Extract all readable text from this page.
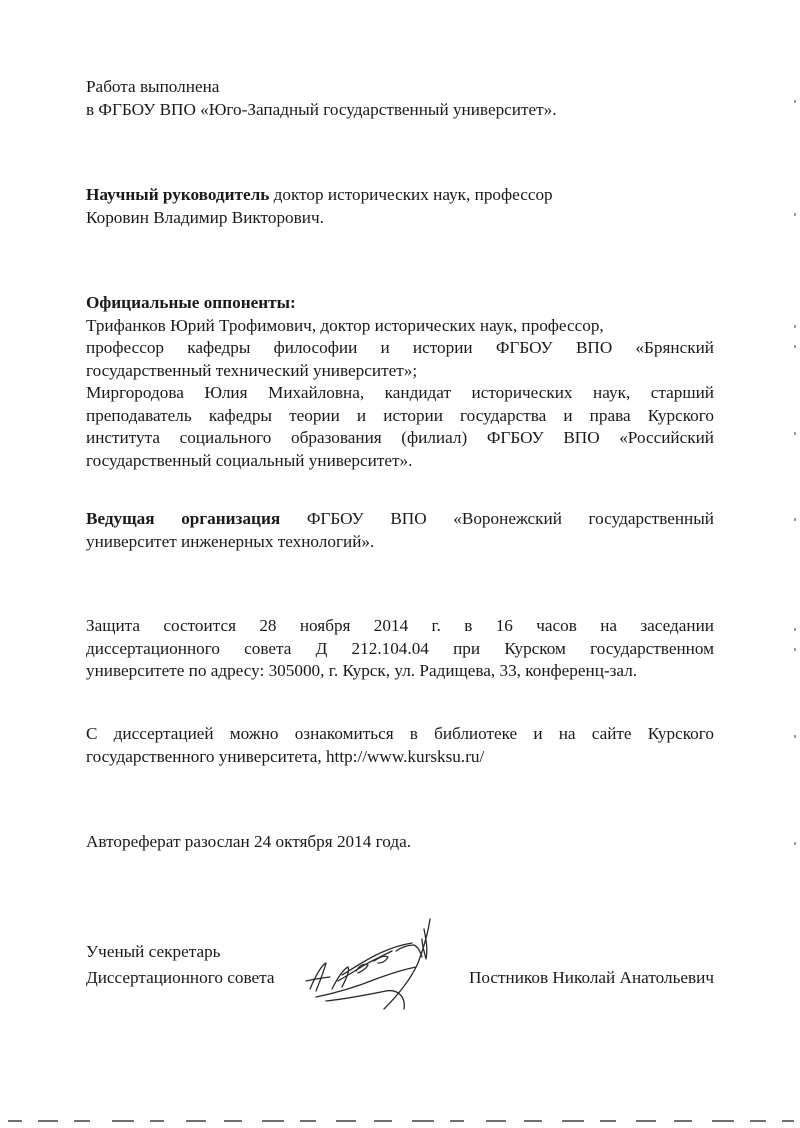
Работа выполнена
в ФГБОУ ВПО «Юго-Западный государственный университет».
Научный руководитель доктор исторических наук, профессор
Коровин Владимир Викторович.
Официальные оппоненты:
Трифанков Юрий Трофимович, доктор исторических наук, профессор,
профессор кафедры философии и истории ФГБОУ ВПО «Брянский
государственный технический университет»;
Миргородова Юлия Михайловна, кандидат исторических наук, старший
преподаватель кафедры теории и истории государства и права Курского
института социального образования (филиал) ФГБОУ ВПО «Российский
государственный социальный университет».
Ведущая организация ФГБОУ ВПО «Воронежский государственный
университет инженерных технологий».
Защита состоится 28 ноября 2014 г. в 16 часов на заседании
диссертационного совета Д 212.104.04 при Курском государственном
университете по адресу: 305000, г. Курск, ул. Радищева, 33, конференц-зал.
С диссертацией можно ознакомиться в библиотеке и на сайте Курского
государственного университета, http://www.kursksu.ru/
Автореферат разослан 24 октября 2014 года.
Ученый секретарь
Диссертационного совета	Постников Николай Анатольевич
